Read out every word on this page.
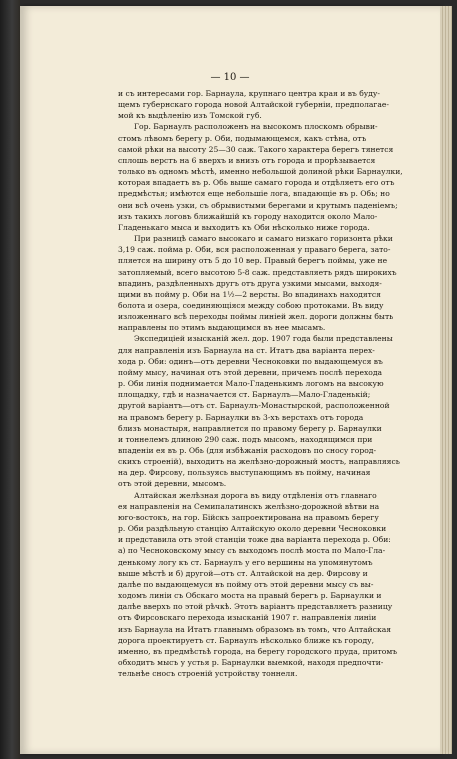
— 10 —
и съ интересами гор. Барнаула, крупнаго центра края и въ буду-
щемъ губернскаго города новой Алтайской губерніи, предполагае-
мой къ выдѣленію изъ Томской губ.
Гор. Барнаулъ расположенъ на высокомъ плоскомъ обрыви-
стомъ лѣвомъ берегу р. Оби, подымающемся, какъ стѣна, отъ
самой рѣки на высоту 25—30 саж. Такого характера берегъ тянется
сплошь верстъ на 6 вверхъ и внизъ отъ города и прорѣзывается
только въ одномъ мѣстѣ, именно небольшой долиной рѣки Барнаулки,
которая впадаетъ въ р. Обь выше самаго города и отдѣляетъ его отъ
предмѣстья; имѣются еще небольшіе лога, впадающіе въ р. Обь; но
они всѣ очень узки, съ обрывистыми берегами и крутымъ паденіемъ;
изъ такихъ логовъ ближайшій къ городу находится около Мало-
Гладенькаго мыса и выходитъ къ Оби нѣсколько ниже города.
При разницѣ самаго высокаго и самаго низкаго горизонта рѣки
3,19 саж. пойма р. Оби, вся расположенная у праваго берега, зато-
пляется на ширину отъ 5 до 10 вер. Правый берегъ поймы, уже не
затопляемый, всего высотою 5-8 саж. представляетъ рядъ широкихъ
впадинъ, раздѣленныхъ другъ отъ друга узкими мысами, выходя-
щими въ пойму р. Оби на 1½—2 версты. Во впадинахъ находятся
болота и озера, соединяющіяся между собою протоками. Въ виду
изложеннаго всѣ переходы поймы линіей жел. дороги должны быть
направлены по этимъ выдающимся въ нее мысамъ.
Экспедиціей изысканій жел. дор. 1907 года были представлены
для направленія изъ Барнаула на ст. Итатъ два варіанта перех-
хода р. Оби: одинъ—отъ деревни Чесноковки по выдающемуся въ
пойму мысу, начиная отъ этой деревни, причемъ послѣ перехода
р. Оби линія поднимается Мало-Гладенькимъ логомъ на высокую
площадку, гдѣ и назначается ст. Барнаулъ—Мало-Гладенькій;
другой варіантъ—отъ ст. Барнаулъ-Монастырской, расположенной
на правомъ берегу р. Барнаулки въ 3-хъ верстахъ отъ города
близъ монастыря, направляется по правому берегу р. Барнаулки
и тоннелемъ длиною 290 саж. подъ мысомъ, находящимся при
впаденіи ея въ р. Обь (для избѣжанія расходовъ по сносу город-
скихъ строеній), выходитъ на желѣзно-дорожный мостъ, направляясь
на дер. Фирсову, пользуясь выступающимъ въ пойму, начиная
отъ этой деревни, мысомъ.
Алтайская желѣзная дорога въ виду отдѣленія отъ главнаго
ея направленія на Семипалатинскъ желѣзно-дорожной вѣтви на
юго-востокъ, на гор. Бійскъ запроектирована на правомъ берегу
р. Оби раздѣльную станцію Алтайскую около деревни Чесноковки
и представила отъ этой станціи тоже два варіанта перехода р. Оби:
а) по Чесноковскому мысу съ выходомъ послѣ моста по Мало-Гла-
денькому логу къ ст. Барнаулъ у его вершины на упомянутомъ
выше мѣстѣ и б) другой—отъ ст. Алтайской на дер. Фирсову и
далѣе по выдающемуся въ пойму отъ этой деревни мысу съ вы-
ходомъ линіи съ Обскаго моста на правый берегъ р. Барнаулки и
далѣе вверхъ по этой рѣчкѣ. Этотъ варіантъ представляетъ разницу
отъ Фирсовскаго перехода изысканій 1907 г. направленія линіи
изъ Барнаула на Итатъ главнымъ образомъ въ томъ, что Алтайская
дорога проектируетъ ст. Барнаулъ нѣсколько ближе къ городу,
именно, въ предмѣстьѣ города, на берегу городского пруда, притомъ
обходитъ мысъ у устья р. Барнаулки выемкой, находя предпочти-
тельнѣе сносъ строеній устройству тоннеля.
